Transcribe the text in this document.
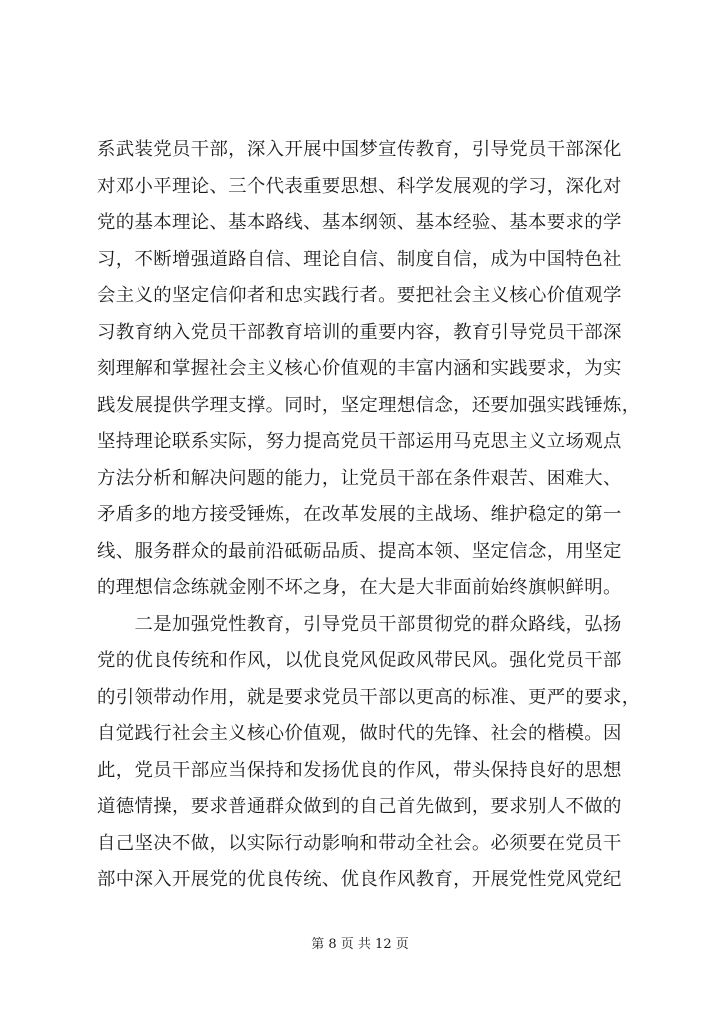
系武装党员干部，深入开展中国梦宣传教育，引导党员干部深化
对邓小平理论、三个代表重要思想、科学发展观的学习，深化对
党的基本理论、基本路线、基本纲领、基本经验、基本要求的学
习，不断增强道路自信、理论自信、制度自信，成为中国特色社
会主义的坚定信仰者和忠实践行者。要把社会主义核心价值观学
习教育纳入党员干部教育培训的重要内容，教育引导党员干部深
刻理解和掌握社会主义核心价值观的丰富内涵和实践要求，为实
践发展提供学理支撑。同时，坚定理想信念，还要加强实践锤炼，
坚持理论联系实际，努力提高党员干部运用马克思主义立场观点
方法分析和解决问题的能力，让党员干部在条件艰苦、困难大、
矛盾多的地方接受锤炼，在改革发展的主战场、维护稳定的第一
线、服务群众的最前沿砥砺品质、提高本领、坚定信念，用坚定
的理想信念练就金刚不坏之身，在大是大非面前始终旗帜鲜明。
　　二是加强党性教育，引导党员干部贯彻党的群众路线，弘扬
党的优良传统和作风，以优良党风促政风带民风。强化党员干部
的引领带动作用，就是要求党员干部以更高的标准、更严的要求，
自觉践行社会主义核心价值观，做时代的先锋、社会的楷模。因
此，党员干部应当保持和发扬优良的作风，带头保持良好的思想
道德情操，要求普通群众做到的自己首先做到，要求别人不做的
自己坚决不做，以实际行动影响和带动全社会。必须要在党员干
部中深入开展党的优良传统、优良作风教育，开展党性党风党纪
第 8 页 共 12 页
